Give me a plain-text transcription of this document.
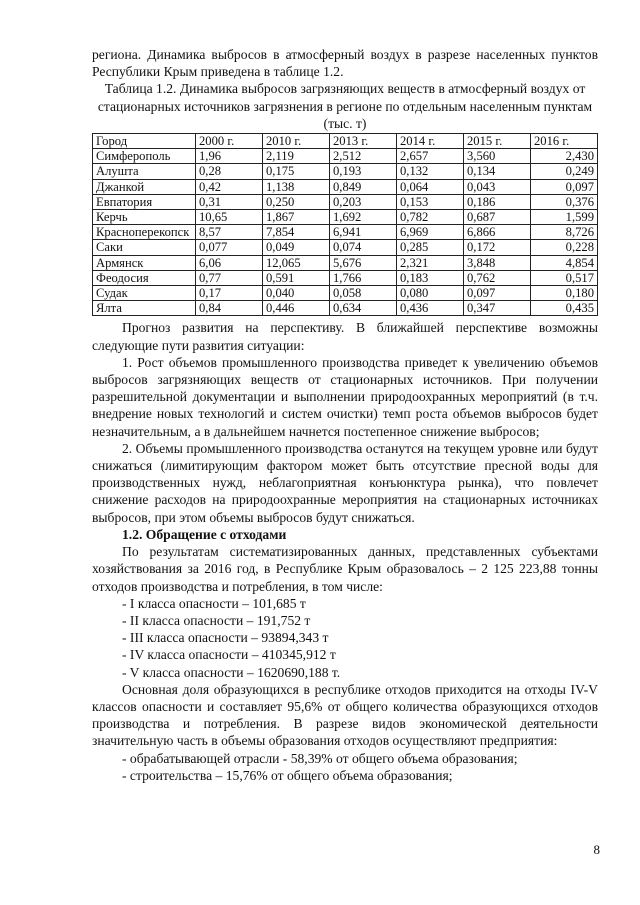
региона. Динамика выбросов в атмосферный воздух в разрезе населенных пунктов Республики Крым приведена в таблице 1.2.

Таблица 1.2. Динамика выбросов загрязняющих веществ в атмосферный воздух от стационарных источников загрязнения в регионе по отдельным населенным пунктам (тыс. т)

Город	2000 г.	2010 г.	2013 г.	2014 г.	2015 г.	2016 г.
Симферополь	1,96	2,119	2,512	2,657	3,560	2,430
Алушта	0,28	0,175	0,193	0,132	0,134	0,249
Джанкой	0,42	1,138	0,849	0,064	0,043	0,097
Евпатория	0,31	0,250	0,203	0,153	0,186	0,376
Керчь	10,65	1,867	1,692	0,782	0,687	1,599
Красноперекопск	8,57	7,854	6,941	6,969	6,866	8,726
Саки	0,077	0,049	0,074	0,285	0,172	0,228
Армянск	6,06	12,065	5,676	2,321	3,848	4,854
Феодосия	0,77	0,591	1,766	0,183	0,762	0,517
Судак	0,17	0,040	0,058	0,080	0,097	0,180
Ялта	0,84	0,446	0,634	0,436	0,347	0,435

Прогноз развития на перспективу. В ближайшей перспективе возможны следующие пути развития ситуации:

1. Рост объемов промышленного производства приведет к увеличению объемов выбросов загрязняющих веществ от стационарных источников. При получении разрешительной документации и выполнении природоохранных мероприятий (в т.ч. внедрение новых технологий и систем очистки) темп роста объемов выбросов будет незначительным, а в дальнейшем начнется постепенное снижение выбросов;

2. Объемы промышленного производства останутся на текущем уровне или будут снижаться (лимитирующим фактором может быть отсутствие пресной воды для производственных нужд, неблагоприятная конъюнктура рынка), что повлечет снижение расходов на природоохранные мероприятия на стационарных источниках выбросов, при этом объемы выбросов будут снижаться.

1.2. Обращение с отходами

По результатам систематизированных данных, представленных субъектами хозяйствования за 2016 год, в Республике Крым образовалось – 2 125 223,88 тонны отходов производства и потребления, в том числе:

- I класса опасности – 101,685 т

- II класса опасности – 191,752 т

- III класса опасности – 93894,343 т

- IV класса опасности – 410345,912 т

- V класса опасности – 1620690,188 т.

Основная доля образующихся в республике отходов приходится на отходы IV-V классов опасности и составляет 95,6% от общего количества образующихся отходов производства и потребления. В разрезе видов экономической деятельности значительную часть в объемы образования отходов осуществляют предприятия:

- обрабатывающей отрасли - 58,39% от общего объема образования;

- строительства – 15,76% от общего объема образования;

8
